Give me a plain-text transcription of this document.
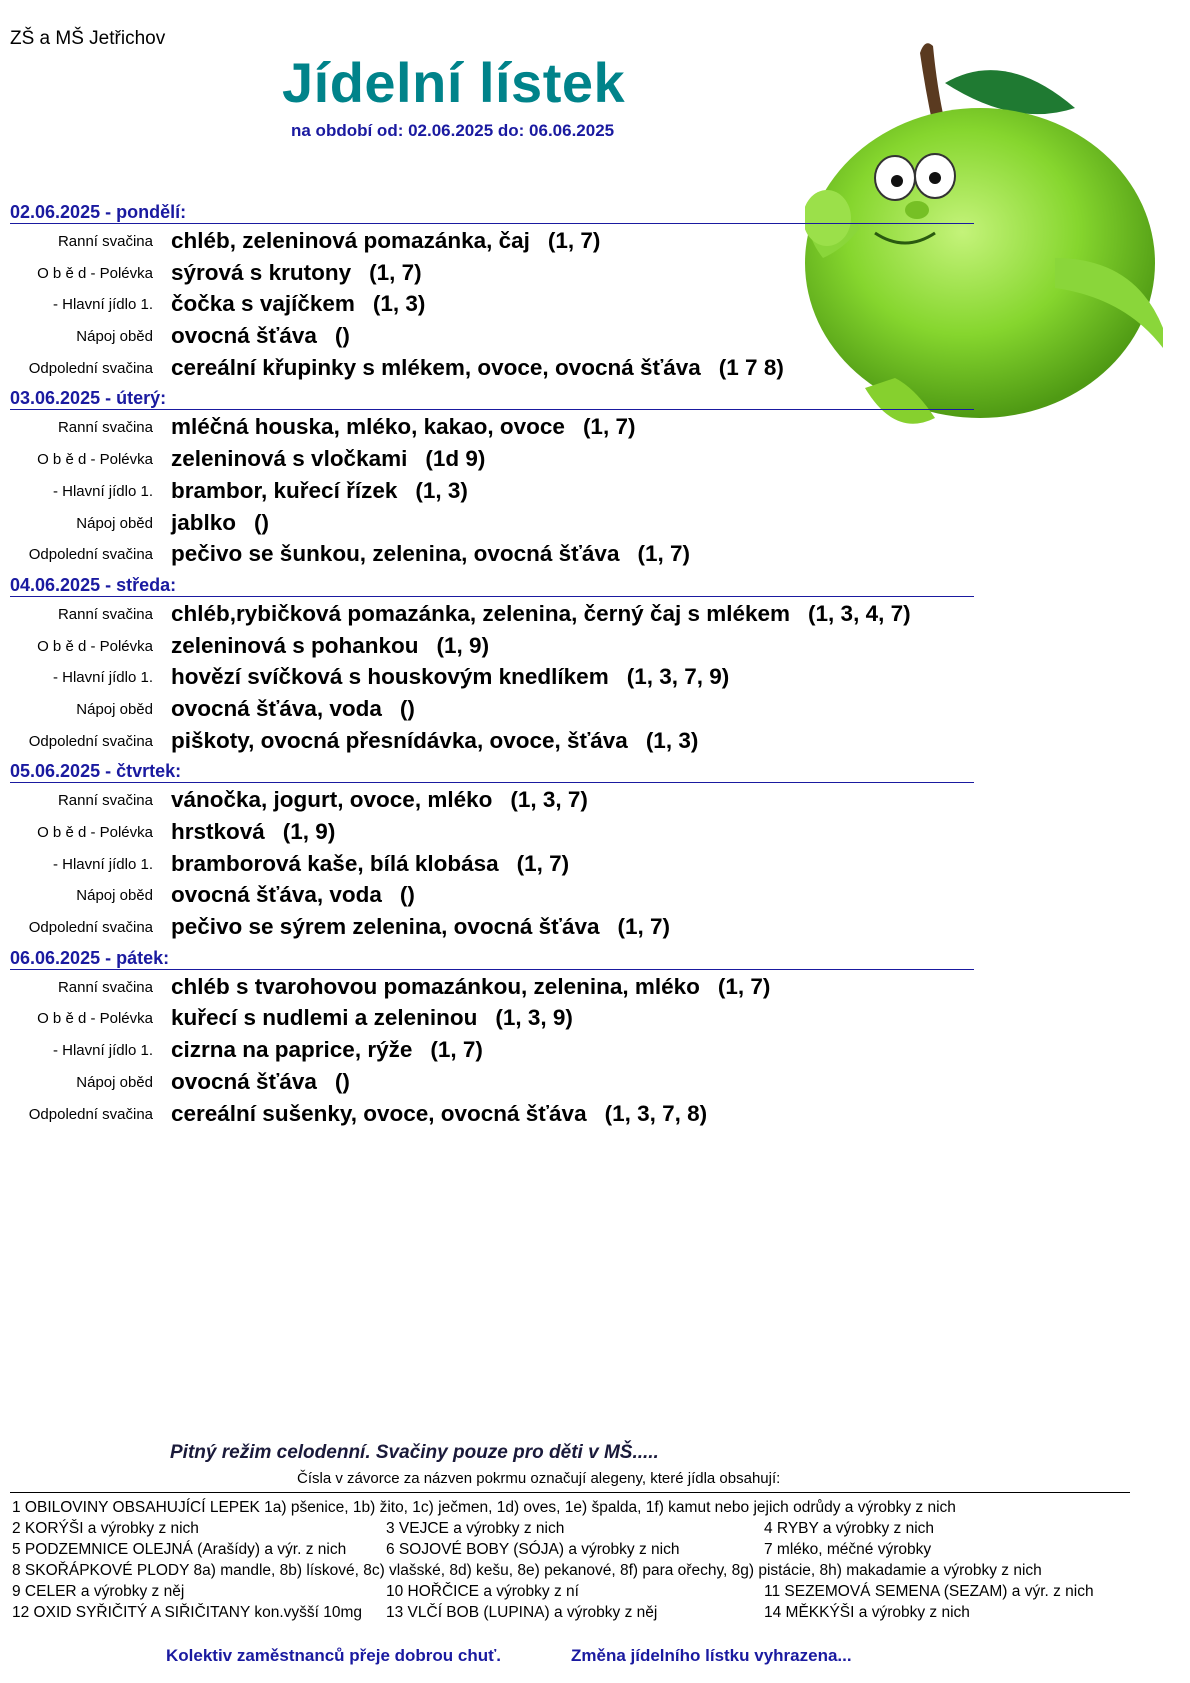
ZŠ a MŠ Jetřichov
Jídelní lístek
na období od: 02.06.2025 do: 06.06.2025
02.06.2025 - pondělí:
Ranní svačina chléb, zeleninová pomazánka, čaj (1, 7)
O b ě d - Polévka sýrová s krutony (1, 7)
- Hlavní jídlo 1. čočka s vajíčkem (1, 3)
Nápoj oběd ovocná šťáva ()
Odpolední svačina cereální křupinky s mlékem, ovoce, ovocná šťáva (1 7 8)
03.06.2025 - úterý:
Ranní svačina mléčná houska, mléko, kakao, ovoce (1, 7)
O b ě d - Polévka zeleninová s vločkami (1d 9)
- Hlavní jídlo 1. brambor, kuřecí řízek (1, 3)
Nápoj oběd jablko ()
Odpolední svačina pečivo se šunkou, zelenina, ovocná šťáva (1, 7)
04.06.2025 - středa:
Ranní svačina chléb,rybičková pomazánka, zelenina, černý čaj s mlékem (1, 3, 4, 7)
O b ě d - Polévka zeleninová s pohankou (1, 9)
- Hlavní jídlo 1. hovězí svíčková s houskovým knedlíkem (1, 3, 7, 9)
Nápoj oběd ovocná šťáva, voda ()
Odpolední svačina piškoty, ovocná přesnídávka, ovoce, šťáva (1, 3)
05.06.2025 - čtvrtek:
Ranní svačina vánočka, jogurt, ovoce, mléko (1, 3, 7)
O b ě d - Polévka hrstková (1, 9)
- Hlavní jídlo 1. bramborová kaše, bílá klobása (1, 7)
Nápoj oběd ovocná šťáva, voda ()
Odpolední svačina pečivo se sýrem zelenina, ovocná šťáva (1, 7)
06.06.2025 - pátek:
Ranní svačina chléb s tvarohovou pomazánkou, zelenina, mléko (1, 7)
O b ě d - Polévka kuřecí s nudlemi a zeleninou (1, 3, 9)
- Hlavní jídlo 1. cizrna na paprice, rýže (1, 7)
Nápoj oběd ovocná šťáva ()
Odpolední svačina cereální sušenky, ovoce, ovocná šťáva (1, 3, 7, 8)
Pitný režim celodenní. Svačiny pouze pro děti v MŠ.....
Čísla v závorce za názven pokrmu označují alegeny, které jídla obsahují:
1 OBILOVINY OBSAHUJÍCÍ LEPEK 1a) pšenice, 1b) žito, 1c) ječmen, 1d) oves, 1e) špalda, 1f) kamut nebo jejich odrůdy a výrobky z nich
2 KORÝŠI a výrobky z nich	3 VEJCE a výrobky z nich	4 RYBY a výrobky z nich
5 PODZEMNICE OLEJNÁ (Arašídy) a výr. z nich	6 SOJOVÉ BOBY (SÓJA) a výrobky z nich	7 mléko, méčné výrobky
8 SKOŘÁPKOVÉ PLODY 8a) mandle, 8b) lískové, 8c) vlašské, 8d) kešu, 8e) pekanové, 8f) para ořechy, 8g) pistácie, 8h) makadamie a výrobky z nich
9 CELER a výrobky z něj	10 HOŘČICE a výrobky z ní	11 SEZEMOVÁ SEMENA (SEZAM) a výr. z nich
12 OXID SYŘIČITÝ A SIŘIČITANY kon.vyšší 10mg 13 VLČÍ BOB (LUPINA) a výrobky z něj	14 MĚKKÝŠI a výrobky z nich
Kolektiv zaměstnanců přeje dobrou chuť.	Změna jídelního lístku vyhrazena...
